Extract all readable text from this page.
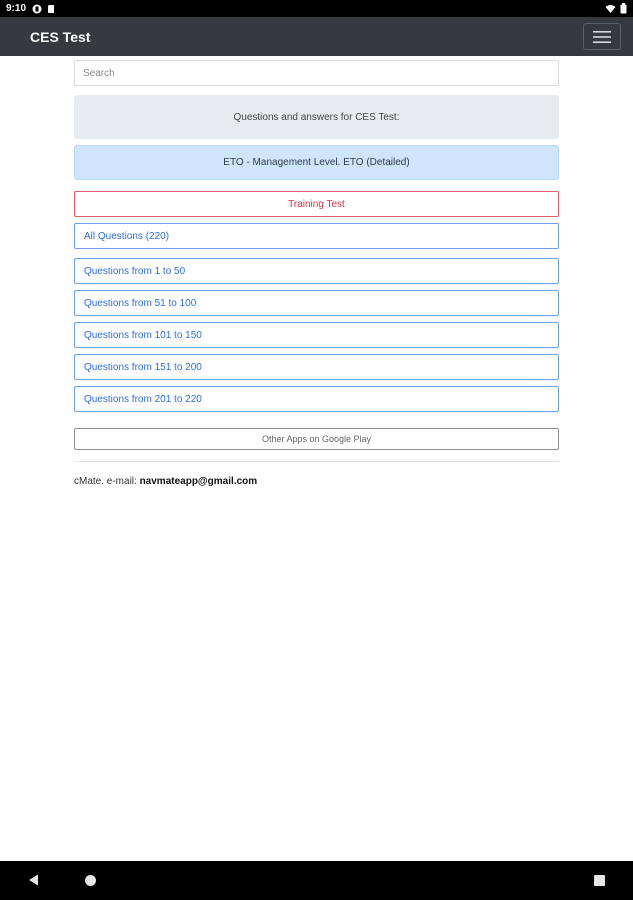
9:10
CES Test
Search
Questions and answers for CES Test:
ETO - Management Level. ETO (Detailed)
Training Test
All Questions (220)
Questions from 1 to 50
Questions from 51 to 100
Questions from 101 to 150
Questions from 151 to 200
Questions from 201 to 220
Other Apps on Google Play
cMate. e-mail: navmateapp@gmail.com
